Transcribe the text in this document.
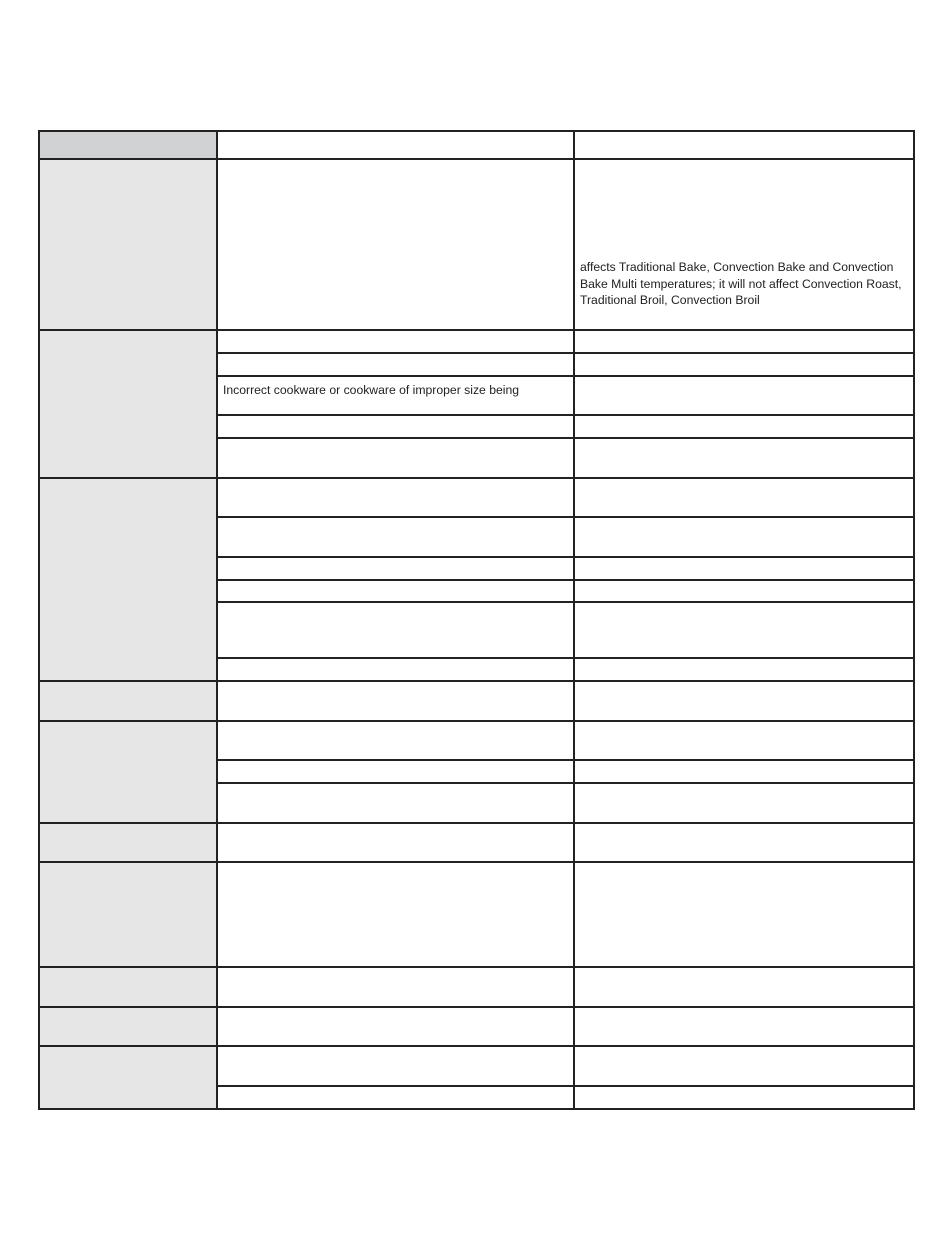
		affects Traditional Bake, Convection Bake and Convection Bake Multi temperatures; it will not affect Convection Roast, Traditional Broil, Convection Broil

	Incorrect cookware or cookware of improper size being	
